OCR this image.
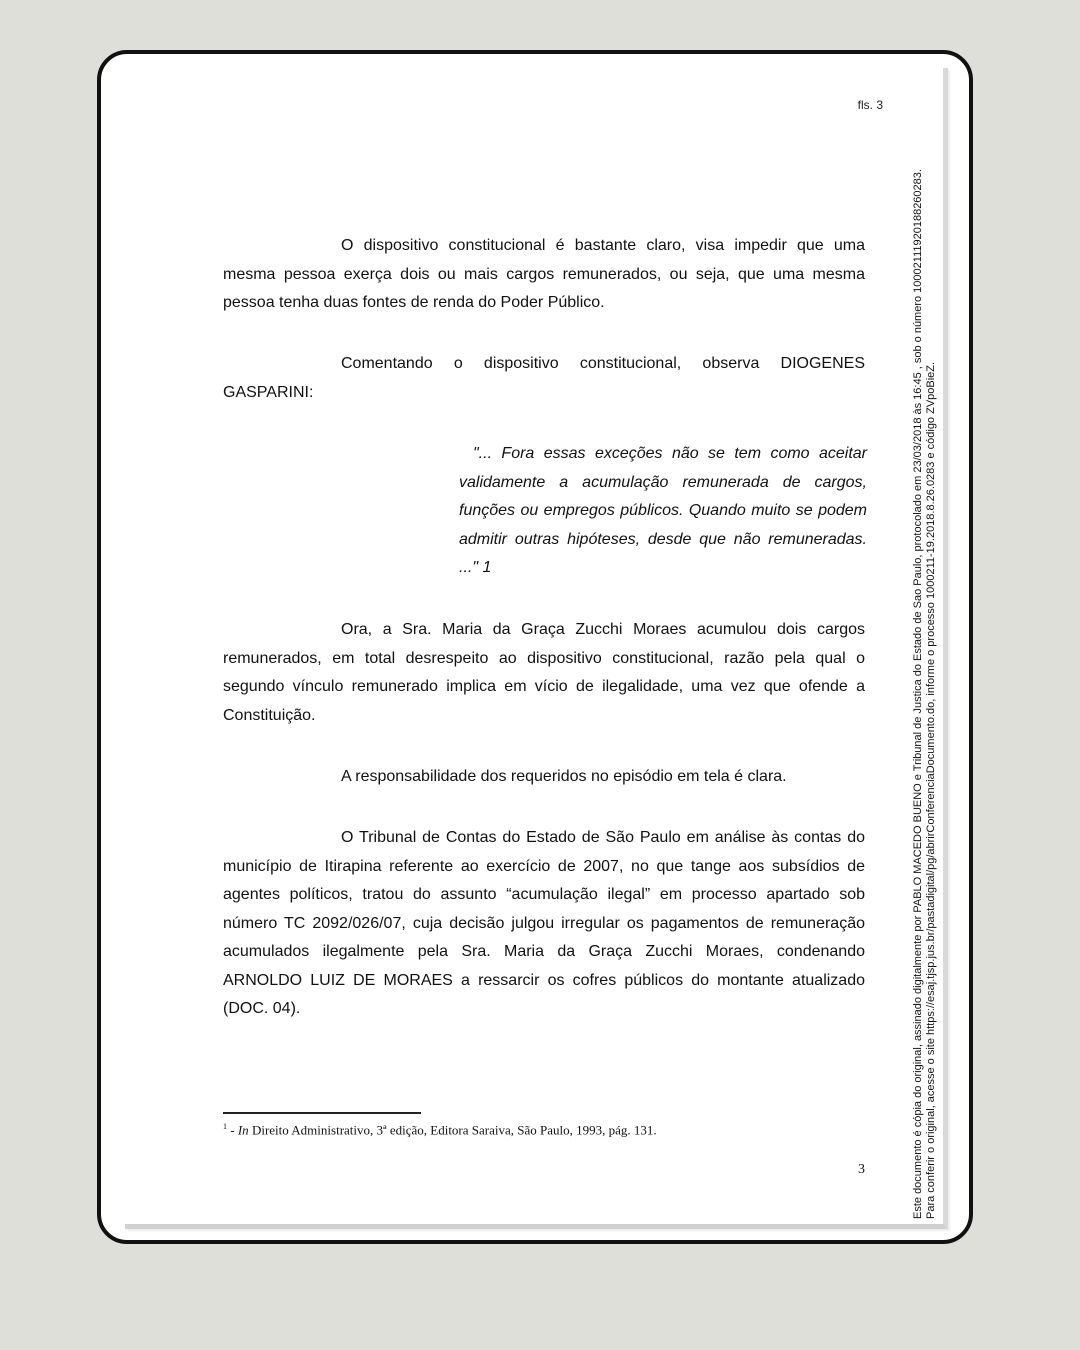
fls. 3

O dispositivo constitucional é bastante claro, visa impedir que uma mesma pessoa exerça dois ou mais cargos remunerados, ou seja, que uma mesma pessoa tenha duas fontes de renda do Poder Público.

Comentando o dispositivo constitucional, observa DIOGENES GASPARINI:

"... Fora essas exceções não se tem como aceitar validamente a acumulação remunerada de cargos, funções ou empregos públicos. Quando muito se podem admitir outras hipóteses, desde que não remuneradas. ..." 1

Ora, a Sra. Maria da Graça Zucchi Moraes acumulou dois cargos remunerados, em total desrespeito ao dispositivo constitucional, razão pela qual o segundo vínculo remunerado implica em vício de ilegalidade, uma vez que ofende a Constituição.

A responsabilidade dos requeridos no episódio em tela é clara.

O Tribunal de Contas do Estado de São Paulo em análise às contas do município de Itirapina referente ao exercício de 2007, no que tange aos subsídios de agentes políticos, tratou do assunto “acumulação ilegal” em processo apartado sob número TC 2092/026/07, cuja decisão julgou irregular os pagamentos de remuneração acumulados ilegalmente pela Sra. Maria da Graça Zucchi Moraes, condenando ARNOLDO LUIZ DE MORAES a ressarcir os cofres públicos do montante atualizado (DOC. 04).

$^1$ - In Direito Administrativo, 3ª edição, Editora Saraiva, São Paulo, 1993, pág. 131.
3	Este documento é cópia do original, assinado digitalmente por PABLO MACEDO BUENO e Tribunal de Justica do Estado de Sao Paulo, protocolado em 23/03/2018 às 16:45 , sob o número 10002111920188260283. Para conferir o original, acesse o site https://esaj.tjsp.jus.br/pastadigital/pg/abrirConferenciaDocumento.do, informe o processo 1000211-19.2018.8.26.0283 e código ZVpoBieZ.
